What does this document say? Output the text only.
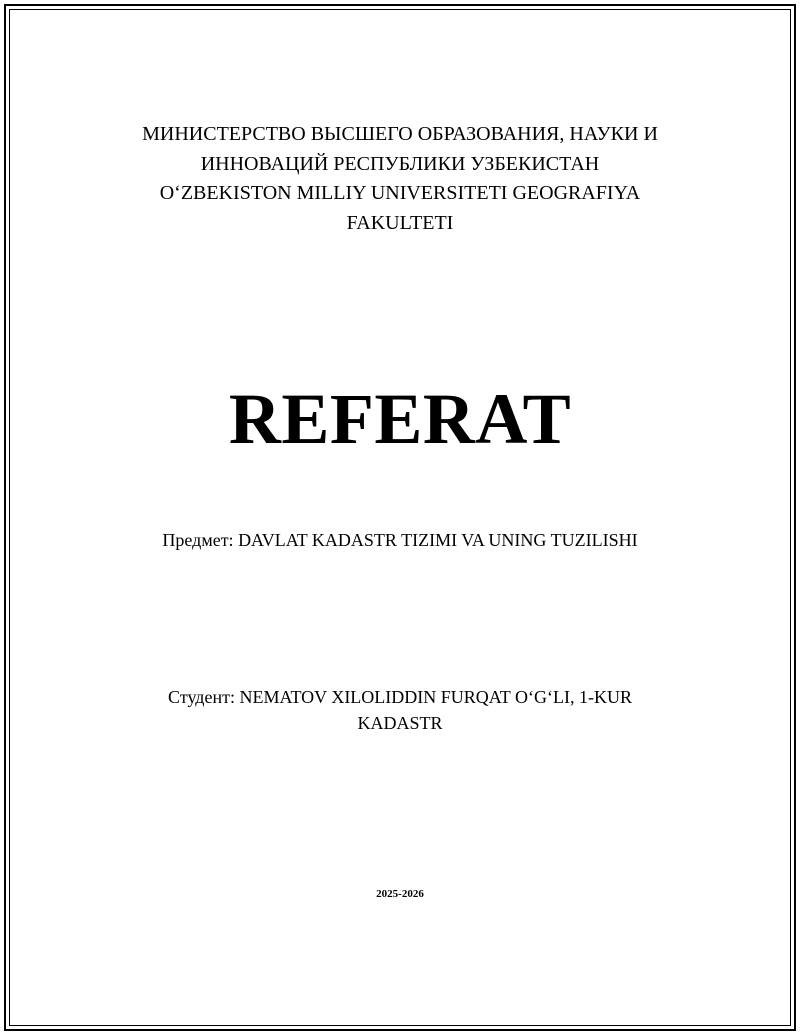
МИНИСТЕРСТВО ВЫСШЕГО ОБРАЗОВАНИЯ, НАУКИ И
ИННОВАЦИЙ РЕСПУБЛИКИ УЗБЕКИСТАН
O‘ZBEKISTON MILLIY UNIVERSITETI GEOGRAFIYA
FAKULTETI
REFERAT
Предмет: DAVLAT KADASTR TIZIMI VA UNING TUZILISHI
Студент: NEMATOV XILOLIDDIN FURQAT O‘G‘LI, 1-KUR KADASTR
2025-2026
